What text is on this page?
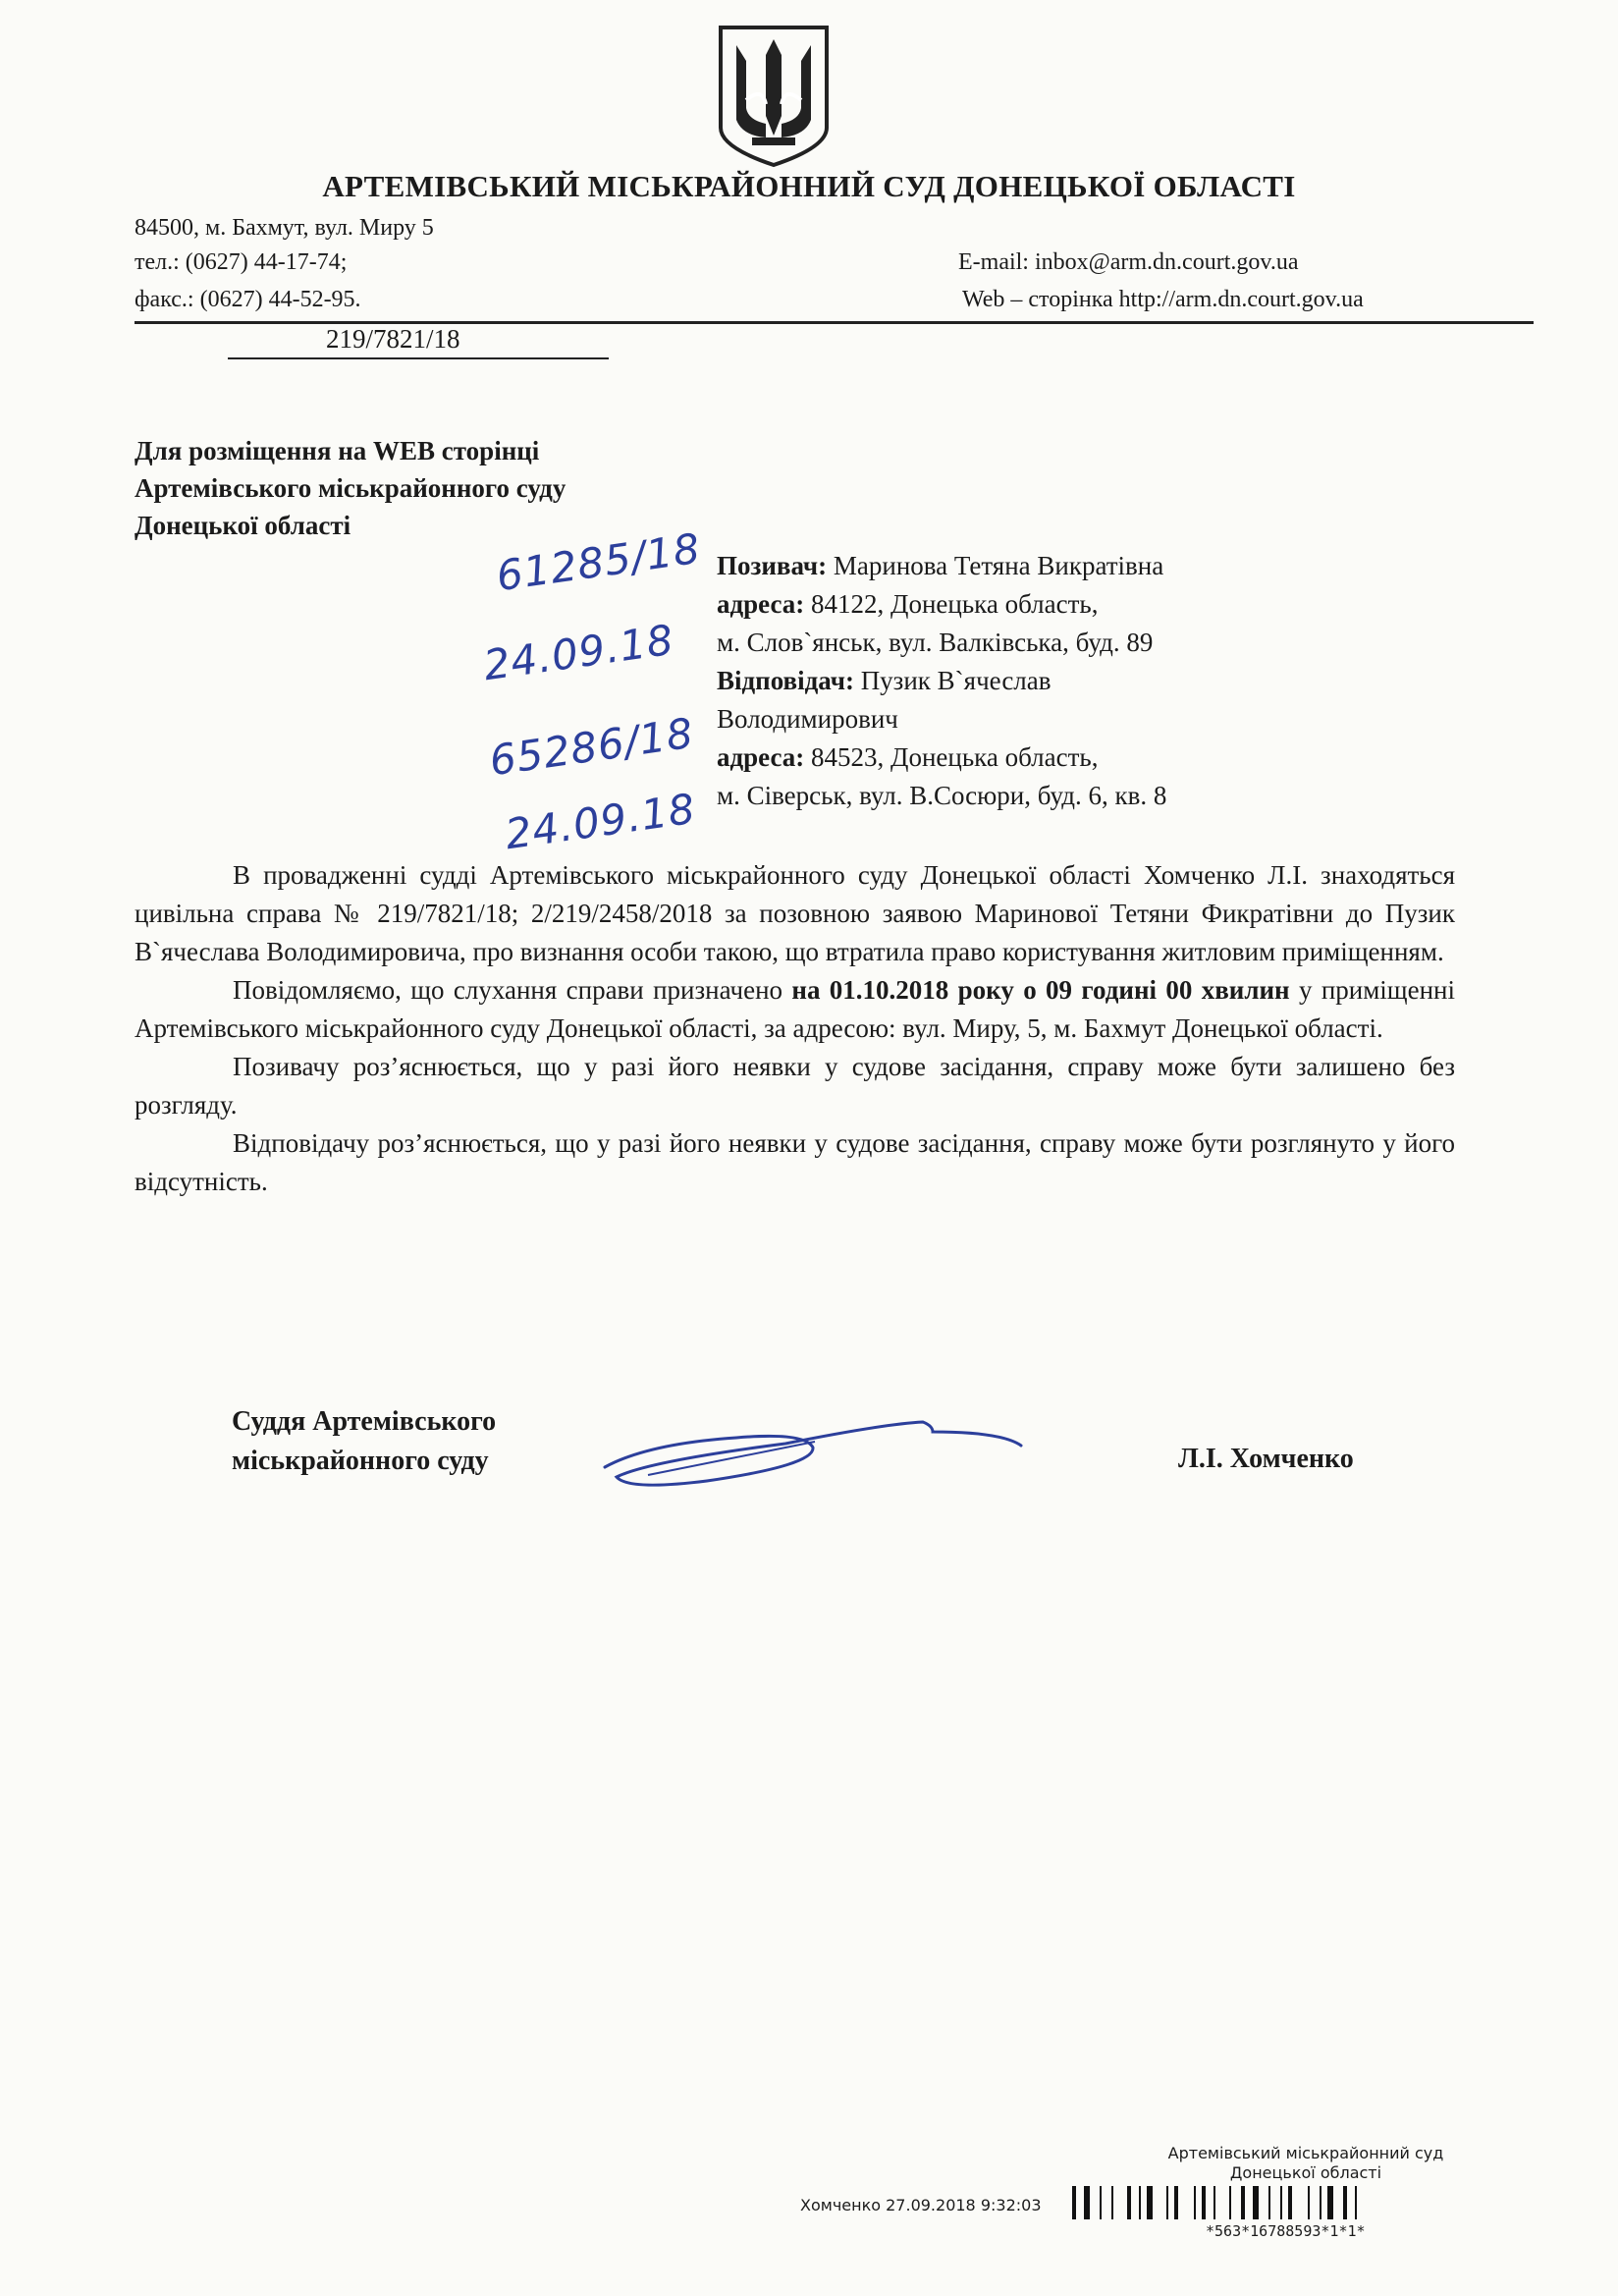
АРТЕМІВСЬКИЙ МІСЬКРАЙОННИЙ СУД ДОНЕЦЬКОЇ ОБЛАСТІ
84500, м. Бахмут, вул. Миру 5
тел.: (0627) 44-17-74;
факс.: (0627) 44-52-95.
E-mail: inbox@arm.dn.court.gov.ua
Web – сторінка http://arm.dn.court.gov.ua
219/7821/18
Для розміщення на WEB сторінці
Артемівського міськрайонного суду
Донецької області	61285/18
24.09.18
65286/18
24.09.18
Позивач: Маринова Тетяна Викратівна
адреса: 84122, Донецька область,
м. Слов`янськ, вул. Валківська, буд. 89
Відповідач: Пузик В`ячеслав
Володимирович
адреса: 84523, Донецька область,
м. Сіверськ, вул. В.Сосюри, буд. 6, кв. 8

В провадженні судді Артемівського міськрайонного суду Донецької області Хомченко Л.І. знаходяться цивільна справа № 219/7821/18; 2/219/2458/2018 за позовною заявою Маринової Тетяни Фикратівни до Пузик В`ячеслава Володимировича, про визнання особи такою, що втратила право користування житловим приміщенням.

Повідомляємо, що слухання справи призначено на 01.10.2018 року о 09 годині 00 хвилин у приміщенні Артемівського міськрайонного суду Донецької області, за адресою: вул. Миру, 5, м. Бахмут Донецької області.

Позивачу роз’яснюється, що у разі його неявки у судове засідання, справу може бути залишено без розгляду.

Відповідачу роз’яснюється, що у разі його неявки у судове засідання, справу може бути розглянуто у його відсутність.

Суддя Артемівського
міськрайонного суду	Л.І. Хомченко
Артемівський міськрайонний суд
Донецької області
Хомченко 27.09.2018 9:32:03
*563*16788593*1*1*
